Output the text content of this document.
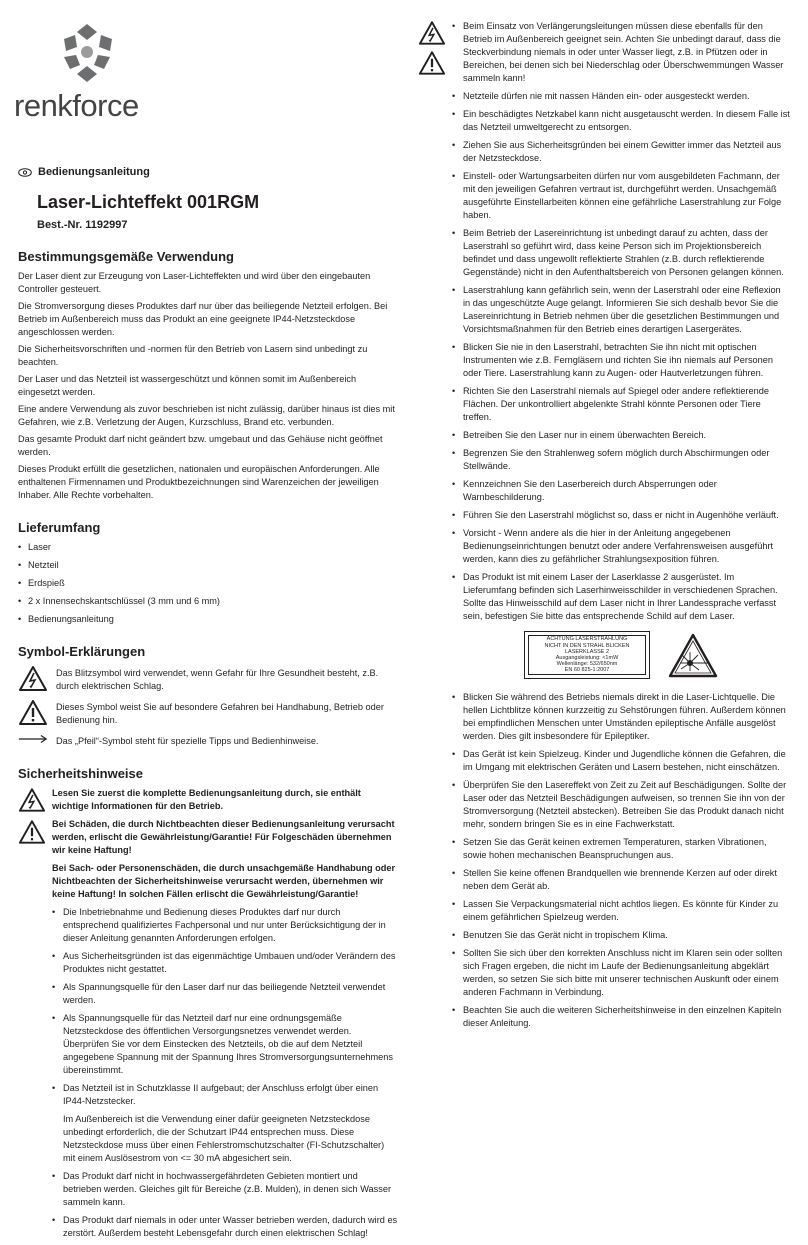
renkforce
Bedienungsanleitung
Laser-Lichteffekt 001RGM
Best.-Nr. 1192997
Bestimmungsgemäße Verwendung

Der Laser dient zur Erzeugung von Laser-Lichteffekten und wird über den eingebauten Controller gesteuert.

Die Stromversorgung dieses Produktes darf nur über das beiliegende Netzteil erfolgen. Bei Betrieb im Außenbereich muss das Produkt an eine geeignete IP44-Netzsteckdose angeschlossen werden.

Die Sicherheitsvorschriften und -normen für den Betrieb von Lasern sind unbedingt zu beachten.

Der Laser und das Netzteil ist wassergeschützt und können somit im Außenbereich eingesetzt werden.

Eine andere Verwendung als zuvor beschrieben ist nicht zulässig, darüber hinaus ist dies mit Gefahren, wie z.B. Verletzung der Augen, Kurzschluss, Brand etc. verbunden.

Das gesamte Produkt darf nicht geändert bzw. umgebaut und das Gehäuse nicht geöffnet werden.

Dieses Produkt erfüllt die gesetzlichen, nationalen und europäischen Anforderungen. Alle enthaltenen Firmennamen und Produktbezeichnungen sind Warenzeichen der jeweiligen Inhaber. Alle Rechte vorbehalten.

Lieferumfang
• Laser
• Netzteil
• Erdspieß
• 2 x Innensechskantschlüssel (3 mm und 6 mm)
• Bedienungsanleitung
Symbol-Erklärungen

Das Blitzsymbol wird verwendet, wenn Gefahr für Ihre Gesundheit besteht, z.B. durch elektrischen Schlag.

Dieses Symbol weist Sie auf besondere Gefahren bei Handhabung, Betrieb oder Bedienung hin.

Das „Pfeil“-Symbol steht für spezielle Tipps und Bedienhinweise.

Sicherheitshinweise

Lesen Sie zuerst die komplette Bedienungsanleitung durch, sie enthält wichtige Informationen für den Betrieb.

Bei Schäden, die durch Nichtbeachten dieser Bedienungsanleitung verursacht werden, erlischt die Gewährleistung/Garantie! Für Folgeschäden übernehmen wir keine Haftung!

Bei Sach- oder Personenschäden, die durch unsachgemäße Handhabung oder Nichtbeachten der Sicherheitshinweise verursacht werden, übernehmen wir keine Haftung! In solchen Fällen erlischt die Gewährleistung/Garantie!

• Die Inbetriebnahme und Bedienung dieses Produktes darf nur durch entsprechend qualifiziertes Fachpersonal und nur unter Berücksichtigung der in dieser Anleitung genannten Anforderungen erfolgen.
• Aus Sicherheitsgründen ist das eigenmächtige Umbauen und/oder Verändern des Produktes nicht gestattet.
• Als Spannungsquelle für den Laser darf nur das beiliegende Netzteil verwendet werden.
• Als Spannungsquelle für das Netzteil darf nur eine ordnungsgemäße Netzsteckdose des öffentlichen Versorgungsnetzes verwendet werden. Überprüfen Sie vor dem Einstecken des Netzteils, ob die auf dem Netzteil angegebene Spannung mit der Spannung Ihres Stromversorgungsunternehmens übereinstimmt.
• Das Netzteil ist in Schutzklasse II aufgebaut; der Anschluss erfolgt über einen IP44-Netzstecker.

Im Außenbereich ist die Verwendung einer dafür geeigneten Netzsteckdose unbedingt erforderlich, die der Schutzart IP44 entsprechen muss. Diese Netzsteckdose muss über einen Fehlerstromschutzschalter (FI-Schutzschalter) mit einem Auslösestrom von <= 30 mA abgesichert sein.

• Das Produkt darf nicht in hochwassergefährdeten Gebieten montiert und betrieben werden. Gleiches gilt für Bereiche (z.B. Mulden), in denen sich Wasser sammeln kann.
• Das Produkt darf niemals in oder unter Wasser betrieben werden, dadurch wird es zerstört. Außerdem besteht Lebensgefahr durch einen elektrischen Schlag!
• Beim Einsatz von Verlängerungsleitungen müssen diese ebenfalls für den Betrieb im Außenbereich geeignet sein. Achten Sie unbedingt darauf, dass die Steckverbindung niemals in oder unter Wasser liegt, z.B. in Pfützen oder in Bereichen, bei denen sich bei Niederschlag oder Überschwemmungen Wasser sammeln kann!
• Netzteile dürfen nie mit nassen Händen ein- oder ausgesteckt werden.
• Ein beschädigtes Netzkabel kann nicht ausgetauscht werden. In diesem Falle ist das Netzteil umweltgerecht zu entsorgen.
• Ziehen Sie aus Sicherheitsgründen bei einem Gewitter immer das Netzteil aus der Netzsteckdose.
• Einstell- oder Wartungsarbeiten dürfen nur vom ausgebildeten Fachmann, der mit den jeweiligen Gefahren vertraut ist, durchgeführt werden. Unsachgemäß ausgeführte Einstellarbeiten können eine gefährliche Laserstrahlung zur Folge haben.
• Beim Betrieb der Lasereinrichtung ist unbedingt darauf zu achten, dass der Laserstrahl so geführt wird, dass keine Person sich im Projektionsbereich befindet und dass ungewollt reflektierte Strahlen (z.B. durch reflektierende Gegenstände) nicht in den Aufenthaltsbereich von Personen gelangen können.
• Laserstrahlung kann gefährlich sein, wenn der Laserstrahl oder eine Reflexion in das ungeschützte Auge gelangt. Informieren Sie sich deshalb bevor Sie die Lasereinrichtung in Betrieb nehmen über die gesetzlichen Bestimmungen und Vorsichtsmaßnahmen für den Betrieb eines derartigen Lasergerätes.
• Blicken Sie nie in den Laserstrahl, betrachten Sie ihn nicht mit optischen Instrumenten wie z.B. Ferngläsern und richten Sie ihn niemals auf Personen oder Tiere. Laserstrahlung kann zu Augen- oder Hautverletzungen führen.
• Richten Sie den Laserstrahl niemals auf Spiegel oder andere reflektierende Flächen. Der unkontrolliert abgelenkte Strahl könnte Personen oder Tiere treffen.
• Betreiben Sie den Laser nur in einem überwachten Bereich.
• Begrenzen Sie den Strahlenweg sofern möglich durch Abschirmungen oder Stellwände.
• Kennzeichnen Sie den Laserbereich durch Absperrungen oder Warnbeschilderung.
• Führen Sie den Laserstrahl möglichst so, dass er nicht in Augenhöhe verläuft.
• Vorsicht - Wenn andere als die hier in der Anleitung angegebenen Bedienungseinrichtungen benutzt oder andere Verfahrensweisen ausgeführt werden, kann dies zu gefährlicher Strahlungsexposition führen.
• Das Produkt ist mit einem Laser der Laserklasse 2 ausgerüstet. Im Lieferumfang befinden sich Laserhinweisschilder in verschiedenen Sprachen. Sollte das Hinweisschild auf dem Laser nicht in Ihrer Landessprache verfasst sein, befestigen Sie bitte das entsprechende Schild auf dem Laser.
ACHTUNG LASERSTRAHLUNG
NICHT IN DEN STRAHL BLICKEN
LASERKLASSE 2
Ausgangsleistung: <1mW
Wellenlänge: 532/650nm
EN 60 825-1:2007
• Blicken Sie während des Betriebs niemals direkt in die Laser-Lichtquelle. Die hellen Lichtblitze können kurzzeitig zu Sehstörungen führen. Außerdem können bei empfindlichen Menschen unter Umständen epileptische Anfälle ausgelöst werden. Dies gilt insbesondere für Epileptiker.
• Das Gerät ist kein Spielzeug. Kinder und Jugendliche können die Gefahren, die im Umgang mit elektrischen Geräten und Lasern bestehen, nicht einschätzen.
• Überprüfen Sie den Lasereffekt von Zeit zu Zeit auf Beschädigungen. Sollte der Laser oder das Netzteil Beschädigungen aufweisen, so trennen Sie ihn von der Stromversorgung (Netzteil abstecken). Betreiben Sie das Produkt danach nicht mehr, sondern bringen Sie es in eine Fachwerkstatt.
• Setzen Sie das Gerät keinen extremen Temperaturen, starken Vibrationen, sowie hohen mechanischen Beanspruchungen aus.
• Stellen Sie keine offenen Brandquellen wie brennende Kerzen auf oder direkt neben dem Gerät ab.
• Lassen Sie Verpackungsmaterial nicht achtlos liegen. Es könnte für Kinder zu einem gefährlichen Spielzeug werden.
• Benutzen Sie das Gerät nicht in tropischem Klima.
• Sollten Sie sich über den korrekten Anschluss nicht im Klaren sein oder sollten sich Fragen ergeben, die nicht im Laufe der Bedienungsanleitung abgeklärt werden, so setzen Sie sich bitte mit unserer technischen Auskunft oder einem anderen Fachmann in Verbindung.
• Beachten Sie auch die weiteren Sicherheitshinweise in den einzelnen Kapiteln dieser Anleitung.
